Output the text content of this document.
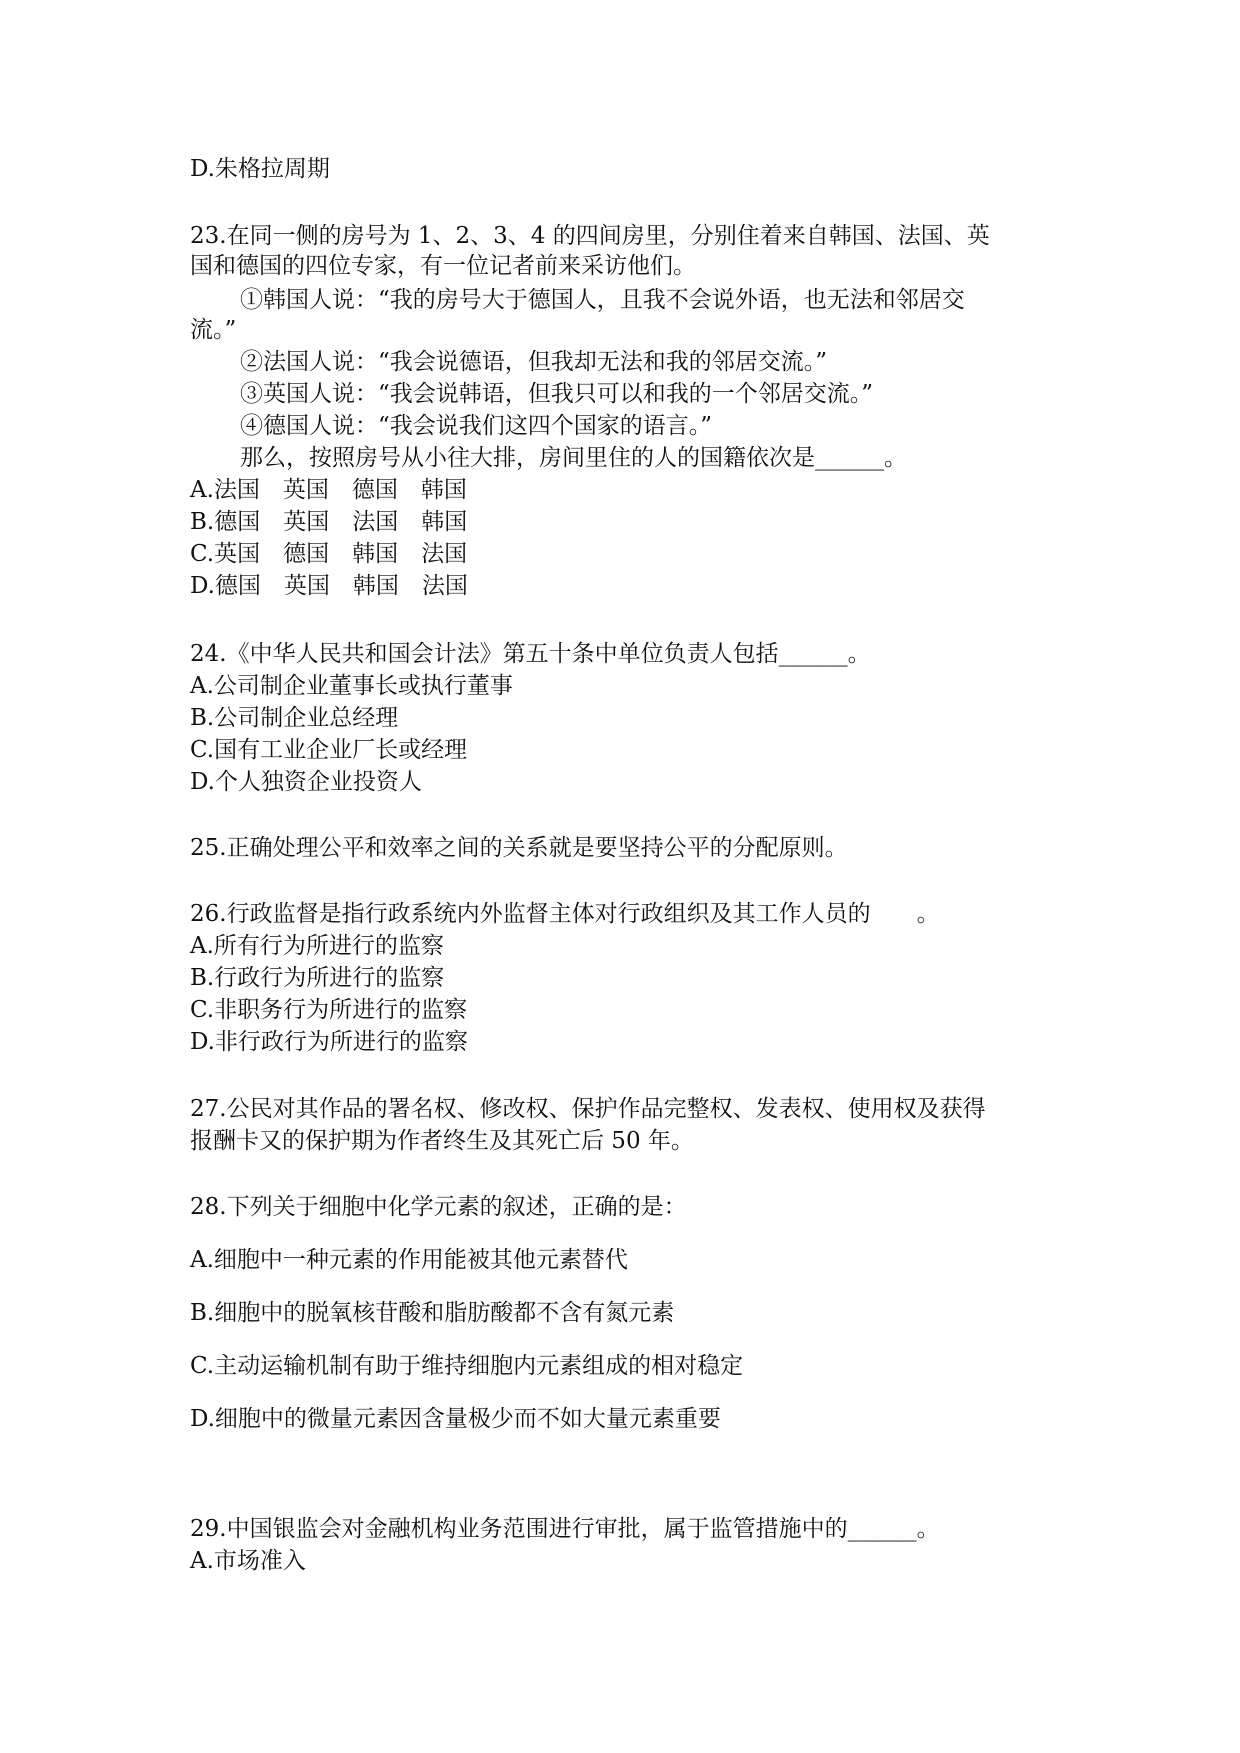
D.朱格拉周期
23.在同一侧的房号为 1、2、3、4 的四间房里，分别住着来自韩国、法国、英
国和德国的四位专家，有一位记者前来采访他们。
①韩国人说：“我的房号大于德国人，且我不会说外语，也无法和邻居交
流。”
②法国人说：“我会说德语，但我却无法和我的邻居交流。”
③英国人说：“我会说韩语，但我只可以和我的一个邻居交流。”
④德国人说：“我会说我们这四个国家的语言。”
那么，按照房号从小往大排，房间里住的人的国籍依次是______。
A.法国　英国　德国　韩国
B.德国　英国　法国　韩国
C.英国　德国　韩国　法国
D.德国　英国　韩国　法国
24.《中华人民共和国会计法》第五十条中单位负责人包括______。
A.公司制企业董事长或执行董事
B.公司制企业总经理
C.国有工业企业厂长或经理
D.个人独资企业投资人
25.正确处理公平和效率之间的关系就是要坚持公平的分配原则。
26.行政监督是指行政系统内外监督主体对行政组织及其工作人员的　　。
A.所有行为所进行的监察
B.行政行为所进行的监察
C.非职务行为所进行的监察
D.非行政行为所进行的监察
27.公民对其作品的署名权、修改权、保护作品完整权、发表权、使用权及获得
报酬卡又的保护期为作者终生及其死亡后 50 年。
28.下列关于细胞中化学元素的叙述，正确的是：
A.细胞中一种元素的作用能被其他元素替代
B.细胞中的脱氧核苷酸和脂肪酸都不含有氮元素
C.主动运输机制有助于维持细胞内元素组成的相对稳定
D.细胞中的微量元素因含量极少而不如大量元素重要
29.中国银监会对金融机构业务范围进行审批，属于监管措施中的______。
A.市场准入
